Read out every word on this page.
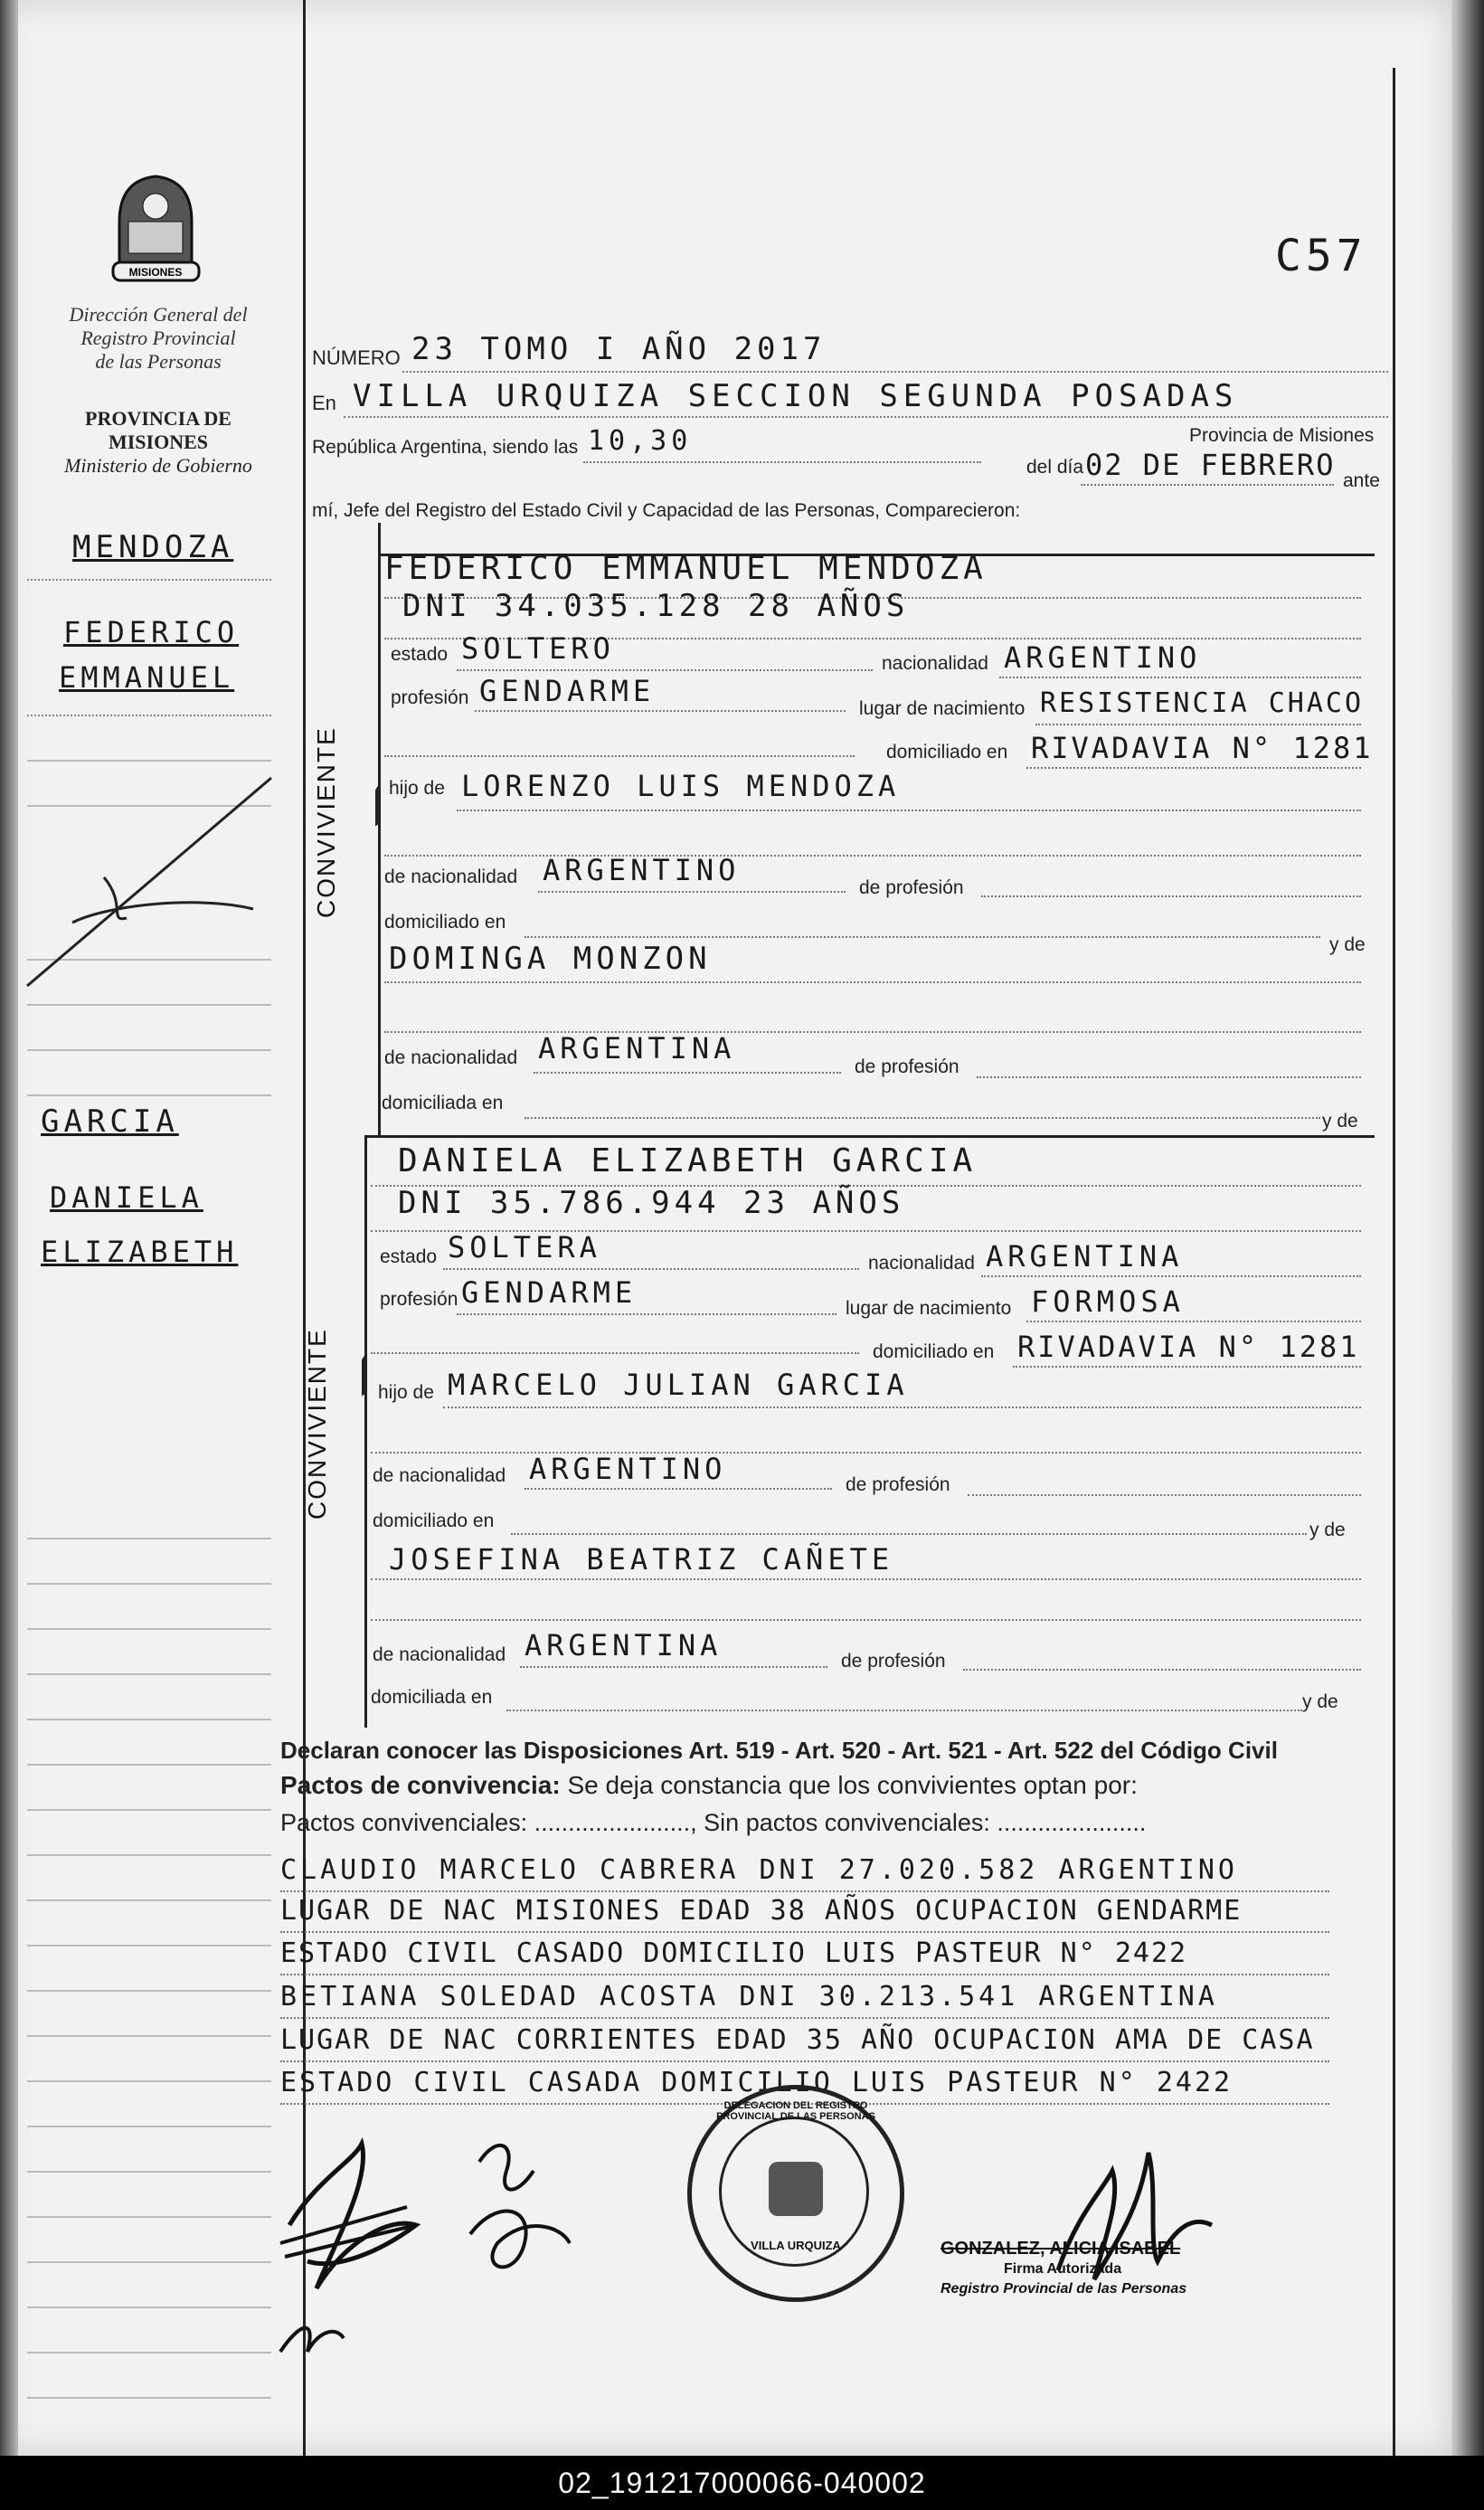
MISIONES
Dirección General del
Registro Provincial
de las Personas
PROVINCIA DE
MISIONES
Ministerio de Gobierno
C57
MENDOZA
FEDERICO
EMMANUEL
GARCIA
DANIELA
ELIZABETH
NÚMERO 23 TOMO I AÑO 2017
En VILLA URQUIZA SECCION SEGUNDA POSADAS
Provincia de Misiones
República Argentina, siendo las 10,30
del día 02 DE FEBRERO ante
mí, Jefe del Registro del Estado Civil y Capacidad de las Personas, Comparecieron:
CONVIVIENTE
FEDERICO EMMANUEL MENDOZA
DNI 34.035.128 28 AÑOS
estado SOLTERO	nacionalidad ARGENTINO
profesión GENDARME
lugar de nacimiento RESISTENCIA CHACO
domiciliado en RIVADAVIA N° 1281
hijo de LORENZO LUIS MENDOZA
de nacionalidad ARGENTINO
de profesión
domiciliado en
y de
DOMINGA MONZON
de nacionalidad ARGENTINA
de profesión
domiciliada en
y de
CONVIVIENTE
DANIELA ELIZABETH GARCIA
DNI 35.786.944 23 AÑOS
estado SOLTERA	nacionalidad ARGENTINA
profesión GENDARME	lugar de nacimiento FORMOSA
domiciliado en RIVADAVIA N° 1281
hijo de MARCELO JULIAN GARCIA
de nacionalidad ARGENTINO	de profesión
domiciliado en	y de
JOSEFINA BEATRIZ CAÑETE
de nacionalidad ARGENTINA	de profesión
domiciliada en	y de
Declaran conocer las Disposiciones Art. 519 - Art. 520 - Art. 521 - Art. 522 del Código Civil
Pactos de convivencia: Se deja constancia que los convivientes optan por:
Pactos convivenciales: ......................., Sin pactos convivenciales: ......................
CLAUDIO MARCELO CABRERA DNI 27.020.582 ARGENTINO
LUGAR DE NAC MISIONES EDAD 38 AÑOS OCUPACION GENDARME
ESTADO CIVIL CASADO DOMICILIO LUIS PASTEUR N° 2422
BETIANA SOLEDAD ACOSTA DNI 30.213.541 ARGENTINA
LUGAR DE NAC CORRIENTES EDAD 35 AÑO OCUPACION AMA DE CASA
ESTADO CIVIL CASADA DOMICILIO LUIS PASTEUR N° 2422
DELEGACION DEL REGISTRO PROVINCIAL DE LAS PERSONAS
VILLA URQUIZA	GONZALEZ, ALICIA ISABEL
Firma Autorizada
Registro Provincial de las Personas
02_191217000066-040002
